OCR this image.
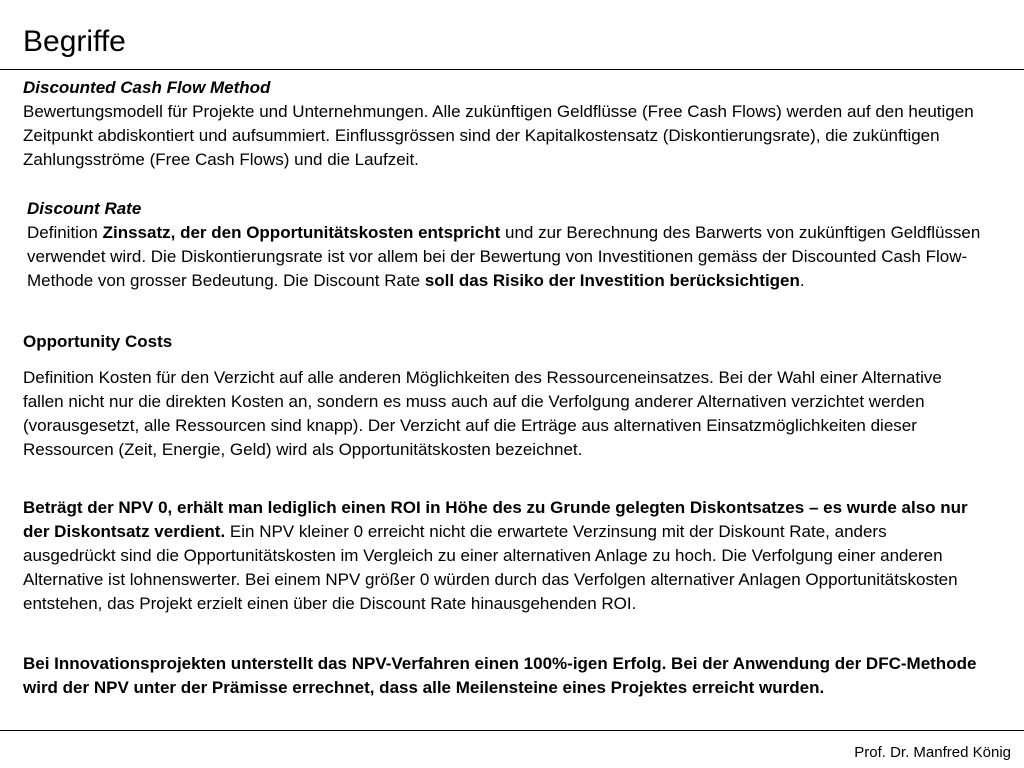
Begriffe

Discounted Cash Flow Method

Bewertungsmodell für Projekte und Unternehmungen. Alle zukünftigen Geldflüsse (Free Cash Flows) werden auf den heutigen Zeitpunkt abdiskontiert und aufsummiert. Einflussgrössen sind der Kapitalkostensatz (Diskontierungsrate), die zukünftigen Zahlungsströme (Free Cash Flows) und die Laufzeit.

Discount Rate

Definition Zinssatz, der den Opportunitätskosten entspricht und zur Berechnung des Barwerts von zukünftigen Geldflüssen verwendet wird. Die Diskontierungsrate ist vor allem bei der Bewertung von Investitionen gemäss der Discounted Cash Flow-Methode von grosser Bedeutung. Die Discount Rate soll das Risiko der Investition berücksichtigen.

Opportunity Costs

Definition Kosten für den Verzicht auf alle anderen Möglichkeiten des Ressourceneinsatzes. Bei der Wahl einer Alternative fallen nicht nur die direkten Kosten an, sondern es muss auch auf die Verfolgung anderer Alternativen verzichtet werden (vorausgesetzt, alle Ressourcen sind knapp). Der Verzicht auf die Erträge aus alternativen Einsatzmöglichkeiten dieser Ressourcen (Zeit, Energie, Geld) wird als Opportunitätskosten bezeichnet.

Beträgt der NPV 0, erhält man lediglich einen ROI in Höhe des zu Grunde gelegten Diskontsatzes – es wurde also nur der Diskontsatz verdient. Ein NPV kleiner 0 erreicht nicht die erwartete Verzinsung mit der Diskount Rate, anders ausgedrückt sind die Opportunitätskosten im Vergleich zu einer alternativen Anlage zu hoch. Die Verfolgung einer anderen Alternative ist lohnenswerter. Bei einem NPV größer 0 würden durch das Verfolgen alternativer Anlagen Opportunitätskosten entstehen, das Projekt erzielt einen über die Discount Rate hinausgehenden ROI.

Bei Innovationsprojekten unterstellt das NPV-Verfahren einen 100%-igen Erfolg. Bei der Anwendung der DFC-Methode wird der NPV unter der Prämisse errechnet, dass alle Meilensteine eines Projektes erreicht wurden.

Prof. Dr. Manfred König
